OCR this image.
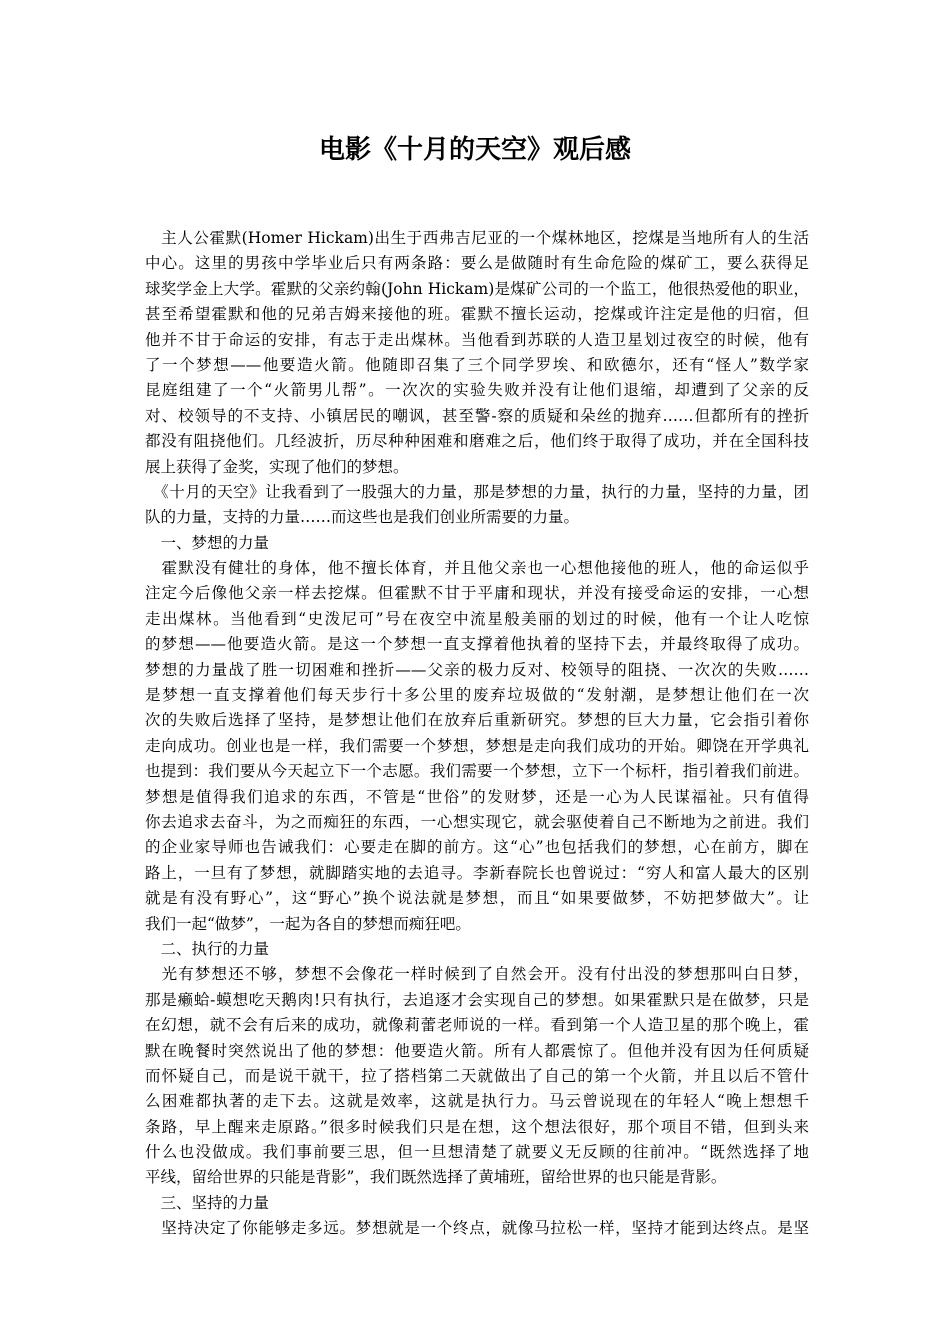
电影《十月的天空》观后感
　主人公霍默(Homer Hickam)出生于西弗吉尼亚的一个煤林地区，挖煤是当地所有人的生活
中心。这里的男孩中学毕业后只有两条路：要么是做随时有生命危险的煤矿工，要么获得足
球奖学金上大学。霍默的父亲约翰(John Hickam)是煤矿公司的一个监工，他很热爱他的职业，
甚至希望霍默和他的兄弟吉姆来接他的班。霍默不擅长运动，挖煤或许注定是他的归宿，但
他并不甘于命运的安排，有志于走出煤林。当他看到苏联的人造卫星划过夜空的时候，他有
了一个梦想——他要造火箭。他随即召集了三个同学罗埃、和欧德尔，还有“怪人”数学家
昆庭组建了一个“火箭男儿帮”。一次次的实验失败并没有让他们退缩，却遭到了父亲的反
对、校领导的不支持、小镇居民的嘲讽，甚至警-察的质疑和朵丝的抛弃……但都所有的挫折
都没有阻挠他们。几经波折，历尽种种困难和磨难之后，他们终于取得了成功，并在全国科技
展上获得了金奖，实现了他们的梦想。
　《十月的天空》让我看到了一股强大的力量，那是梦想的力量，执行的力量，坚持的力量，团
队的力量，支持的力量……而这些也是我们创业所需要的力量。
　一、梦想的力量
　霍默没有健壮的身体，他不擅长体育，并且他父亲也一心想他接他的班人，他的命运似乎
注定今后像他父亲一样去挖煤。但霍默不甘于平庸和现状，并没有接受命运的安排，一心想
走出煤林。当他看到“史泼尼可”号在夜空中流星般美丽的划过的时候，他有一个让人吃惊
的梦想——他要造火箭。是这一个梦想一直支撑着他执着的坚持下去，并最终取得了成功。
梦想的力量战了胜一切困难和挫折——父亲的极力反对、校领导的阻挠、一次次的失败……
是梦想一直支撑着他们每天步行十多公里的废弃垃圾做的“发射潮，是梦想让他们在一次
次的失败后选择了坚持，是梦想让他们在放弃后重新研究。梦想的巨大力量，它会指引着你
走向成功。创业也是一样，我们需要一个梦想，梦想是走向我们成功的开始。卿饶在开学典礼
也提到：我们要从今天起立下一个志愿。我们需要一个梦想，立下一个标杆，指引着我们前进。
梦想是值得我们追求的东西，不管是“世俗”的发财梦，还是一心为人民谋福祉。只有值得
你去追求去奋斗，为之而痴狂的东西，一心想实现它，就会驱使着自己不断地为之前进。我们
的企业家导师也告诫我们：心要走在脚的前方。这“心”也包括我们的梦想，心在前方，脚在
路上，一旦有了梦想，就脚踏实地的去追寻。李新春院长也曾说过：“穷人和富人最大的区别
就是有没有野心”，这“野心”换个说法就是梦想，而且“如果要做梦，不妨把梦做大”。让
我们一起“做梦”，一起为各自的梦想而痴狂吧。
　二、执行的力量
　光有梦想还不够，梦想不会像花一样时候到了自然会开。没有付出没的梦想那叫白日梦，
那是癞蛤-蟆想吃天鹅肉!只有执行，去追逐才会实现自己的梦想。如果霍默只是在做梦，只是
在幻想，就不会有后来的成功，就像莉蕾老师说的一样。看到第一个人造卫星的那个晚上，霍
默在晚餐时突然说出了他的梦想：他要造火箭。所有人都震惊了。但他并没有因为任何质疑
而怀疑自己，而是说干就干，拉了搭档第二天就做出了自己的第一个火箭，并且以后不管什
么困难都执著的走下去。这就是效率，这就是执行力。马云曾说现在的年轻人“晚上想想千
条路，早上醒来走原路。”很多时候我们只是在想，这个想法很好，那个项目不错，但到头来
什么也没做成。我们事前要三思，但一旦想清楚了就要义无反顾的往前冲。“既然选择了地
平线，留给世界的只能是背影”，我们既然选择了黄埔班，留给世界的也只能是背影。
　三、坚持的力量
　坚持决定了你能够走多远。梦想就是一个终点，就像马拉松一样，坚持才能到达终点。是坚
